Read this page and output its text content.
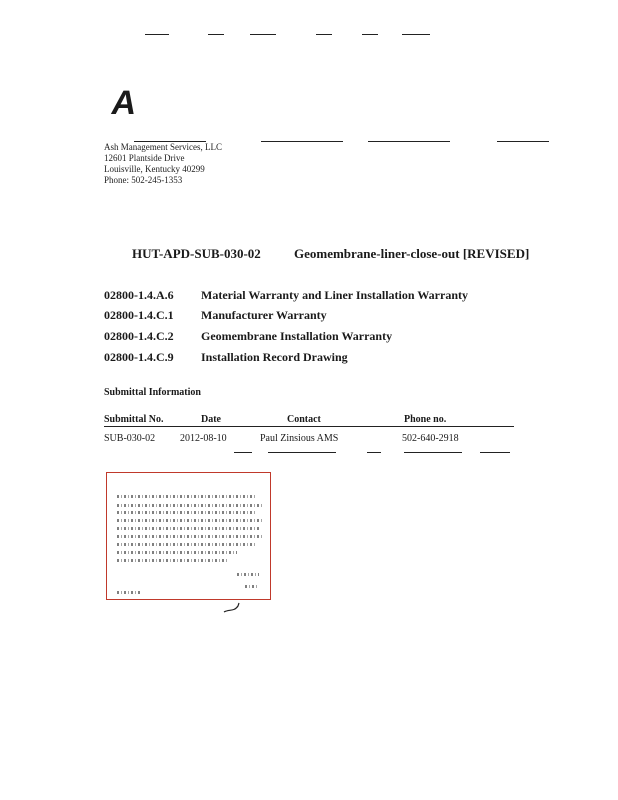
A
Ash Management Services, LLC
12601 Plantside Drive
Louisville, Kentucky 40299
Phone: 502-245-1353
HUT-APD-SUB-030-02	Geomembrane-liner-close-out [REVISED]
02800-1.4.A.6 Material Warranty and Liner Installation Warranty
02800-1.4.C.1 Manufacturer Warranty
02800-1.4.C.2 Geomembrane Installation Warranty
02800-1.4.C.9 Installation Record Drawing
Submittal Information
Submittal No.	Date	Contact	Phone no.
SUB-030-02 2012-08-10	Paul Zinsious AMS	502-640-2918
